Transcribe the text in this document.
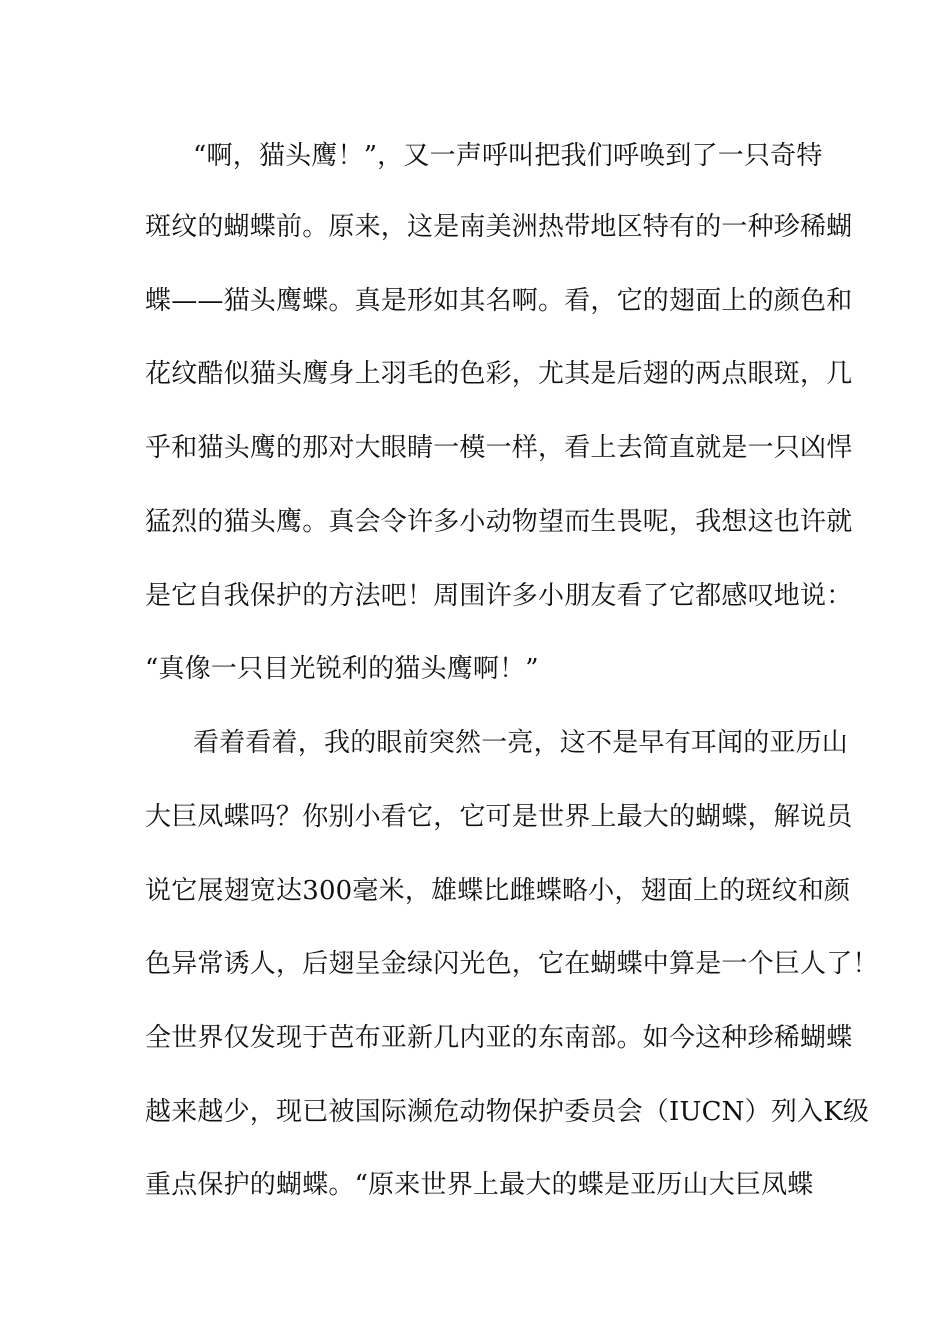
“啊，猫头鹰！”，又一声呼叫把我们呼唤到了一只奇特
斑纹的蝴蝶前。原来，这是南美洲热带地区特有的一种珍稀蝴
蝶——猫头鹰蝶。真是形如其名啊。看，它的翅面上的颜色和
花纹酷似猫头鹰身上羽毛的色彩，尤其是后翅的两点眼斑，几
乎和猫头鹰的那对大眼睛一模一样，看上去简直就是一只凶悍
猛烈的猫头鹰。真会令许多小动物望而生畏呢，我想这也许就
是它自我保护的方法吧！周围许多小朋友看了它都感叹地说：
“真像一只目光锐利的猫头鹰啊！”
看着看着，我的眼前突然一亮，这不是早有耳闻的亚历山
大巨凤蝶吗？你别小看它，它可是世界上最大的蝴蝶，解说员
说它展翅宽达300毫米，雄蝶比雌蝶略小，翅面上的斑纹和颜
色异常诱人，后翅呈金绿闪光色，它在蝴蝶中算是一个巨人了！
全世界仅发现于芭布亚新几内亚的东南部。如今这种珍稀蝴蝶
越来越少，现已被国际濒危动物保护委员会（IUCN）列入K级
重点保护的蝴蝶。“原来世界上最大的蝶是亚历山大巨凤蝶
